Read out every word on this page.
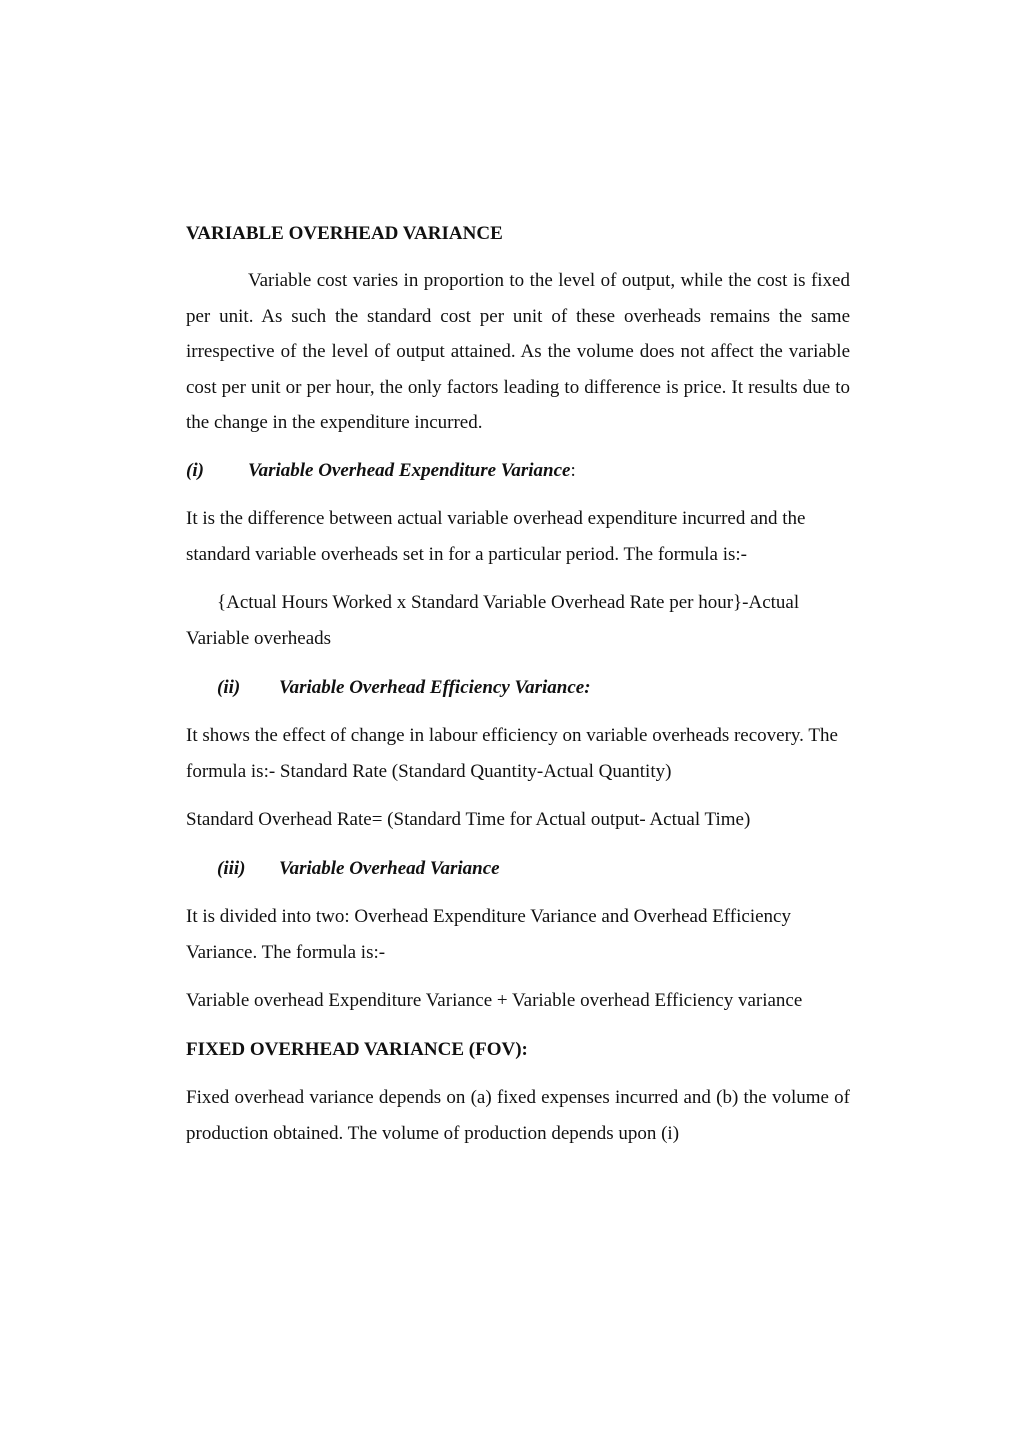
VARIABLE OVERHEAD VARIANCE

Variable cost varies in proportion to the level of output, while the cost is fixed per unit. As such the standard cost per unit of these overheads remains the same irrespective of the level of output attained. As the volume does not affect the variable cost per unit or per hour, the only factors leading to difference is price. It results due to the change in the expenditure incurred.

(i) Variable Overhead Expenditure Variance:

It is the difference between actual variable overhead expenditure incurred and the standard variable overheads set in for a particular period. The formula is:-

{Actual Hours Worked x Standard Variable Overhead Rate per hour}-Actual Variable overheads

(ii) Variable Overhead Efficiency Variance:

It shows the effect of change in labour efficiency on variable overheads recovery. The formula is:- Standard Rate (Standard Quantity-Actual Quantity)

Standard Overhead Rate= (Standard Time for Actual output- Actual Time)

(iii) Variable Overhead Variance

It is divided into two: Overhead Expenditure Variance and Overhead Efficiency Variance. The formula is:-

Variable overhead Expenditure Variance + Variable overhead Efficiency variance

FIXED OVERHEAD VARIANCE (FOV):

Fixed overhead variance depends on (a) fixed expenses incurred and (b) the volume of production obtained. The volume of production depends upon (i)
